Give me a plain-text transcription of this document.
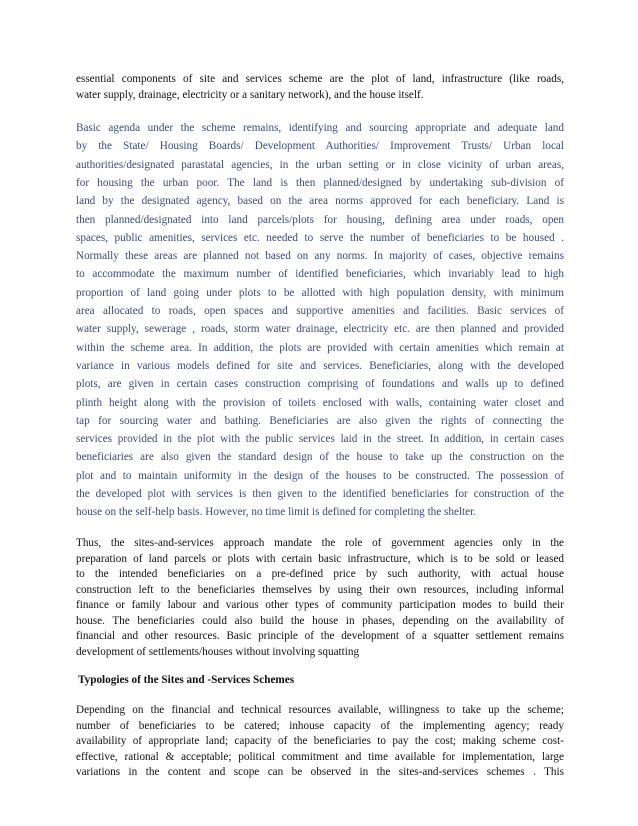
essential components of site and services scheme are the plot of land, infrastructure (like roads,
water supply, drainage, electricity or a sanitary network), and the house itself.
Basic agenda under the scheme remains, identifying and sourcing appropriate and adequate land
by the State/ Housing Boards/ Development Authorities/ Improvement Trusts/ Urban local
authorities/designated parastatal agencies, in the urban setting or in close vicinity of urban areas,
for housing the urban poor. The land is then planned/designed by undertaking sub-division of
land by the designated agency, based on the area norms approved for each beneficiary. Land is
then planned/designated into land parcels/plots for housing, defining area under roads, open
spaces, public amenities, services etc. needed to serve the number of beneficiaries to be housed .
Normally these areas are planned not based on any norms. In majority of cases, objective remains
to accommodate the maximum number of identified beneficiaries, which invariably lead to high
proportion of land going under plots to be allotted with high population density, with minimum
area allocated to roads, open spaces and supportive amenities and facilities. Basic services of
water supply, sewerage , roads, storm water drainage, electricity etc. are then planned and provided
within the scheme area. In addition, the plots are provided with certain amenities which remain at
variance in various models defined for site and services. Beneficiaries, along with the developed
plots, are given in certain cases construction comprising of foundations and walls up to defined
plinth height along with the provision of toilets enclosed with walls, containing water closet and
tap for sourcing water and bathing. Beneficiaries are also given the rights of connecting the
services provided in the plot with the public services laid in the street. In addition, in certain cases
beneficiaries are also given the standard design of the house to take up the construction on the
plot and to maintain uniformity in the design of the houses to be constructed. The possession of
the developed plot with services is then given to the identified beneficiaries for construction of the
house on the self-help basis. However, no time limit is defined for completing the shelter.
Thus, the sites-and-services approach mandate the role of government agencies only in the
preparation of land parcels or plots with certain basic infrastructure, which is to be sold or leased
to the intended beneficiaries on a pre-defined price by such authority, with actual house
construction left to the beneficiaries themselves by using their own resources, including informal
finance or family labour and various other types of community participation modes to build their
house. The beneficiaries could also build the house in phases, depending on the availability of
financial and other resources. Basic principle of the development of a squatter settlement remains
development of settlements/houses without involving squatting
Typologies of the Sites and -Services Schemes
Depending on the financial and technical resources available, willingness to take up the scheme;
number of beneficiaries to be catered; inhouse capacity of the implementing agency; ready
availability of appropriate land; capacity of the beneficiaries to pay the cost; making scheme cost-
effective, rational & acceptable; political commitment and time available for implementation, large
variations in the content and scope can be observed in the sites-and-services schemes . This
